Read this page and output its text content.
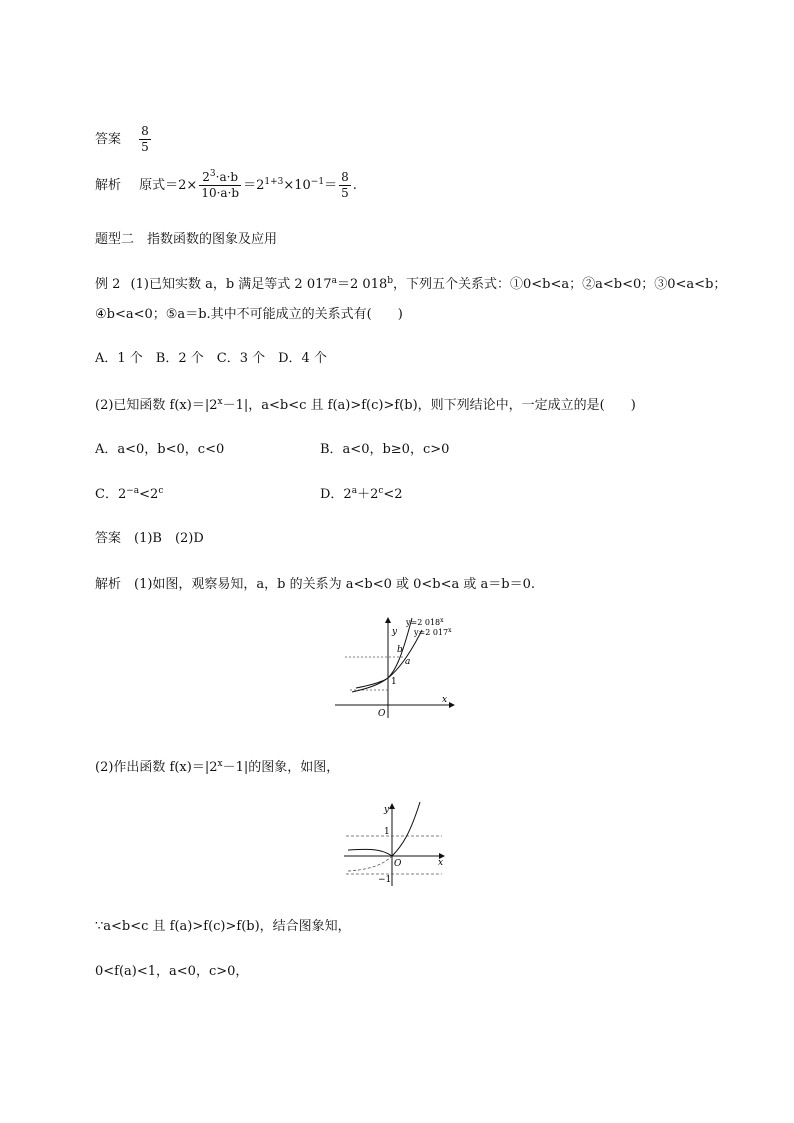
答案 $\frac{8}{5}$
解析 原式$=2\times \frac{2^3\cdot a\cdot b}{10\cdot a\cdot b} =2^{1+3}\times 10^{-1}= \frac{8}{5}$ .
题型二　指数函数的图象及应用
例 2 (1)已知实数 a，b 满足等式 2 $017^a=2$ 018$^b$，下列五个关系式：①0<b<a；②a<b<0；③0<a<b；
④b<a<0；⑤a＝b.其中不可能成立的关系式有(　　)
A．1 个　B．2 个　C．3 个　D．4 个
(2)已知函数 $f(x)=|2^x-1|$，a<b<c 且 f(a)>f(c)>f(b)，则下列结论中，一定成立的是(　　)
A．a<0，b<0，c<0	B．a<0，b≥0，c>0
C．$2^{-a}<2^c$	D．$2^a+2^c<2$
答案　(1)B　(2)D
解析　(1)如图，观察易知，a，b 的关系为 a<b<0 或 0<b<a 或 a＝b＝0.
y
x
O
1
b
a
y=2 018$^x$
y=2 017$^x$
(2)作出函数 $f(x)=|2^x-1|$的图象，如图，
y
x
O
1
−1
∵a<b<c 且 f(a)>f(c)>f(b)，结合图象知，
0<f(a)<1，a<0，c>0，
